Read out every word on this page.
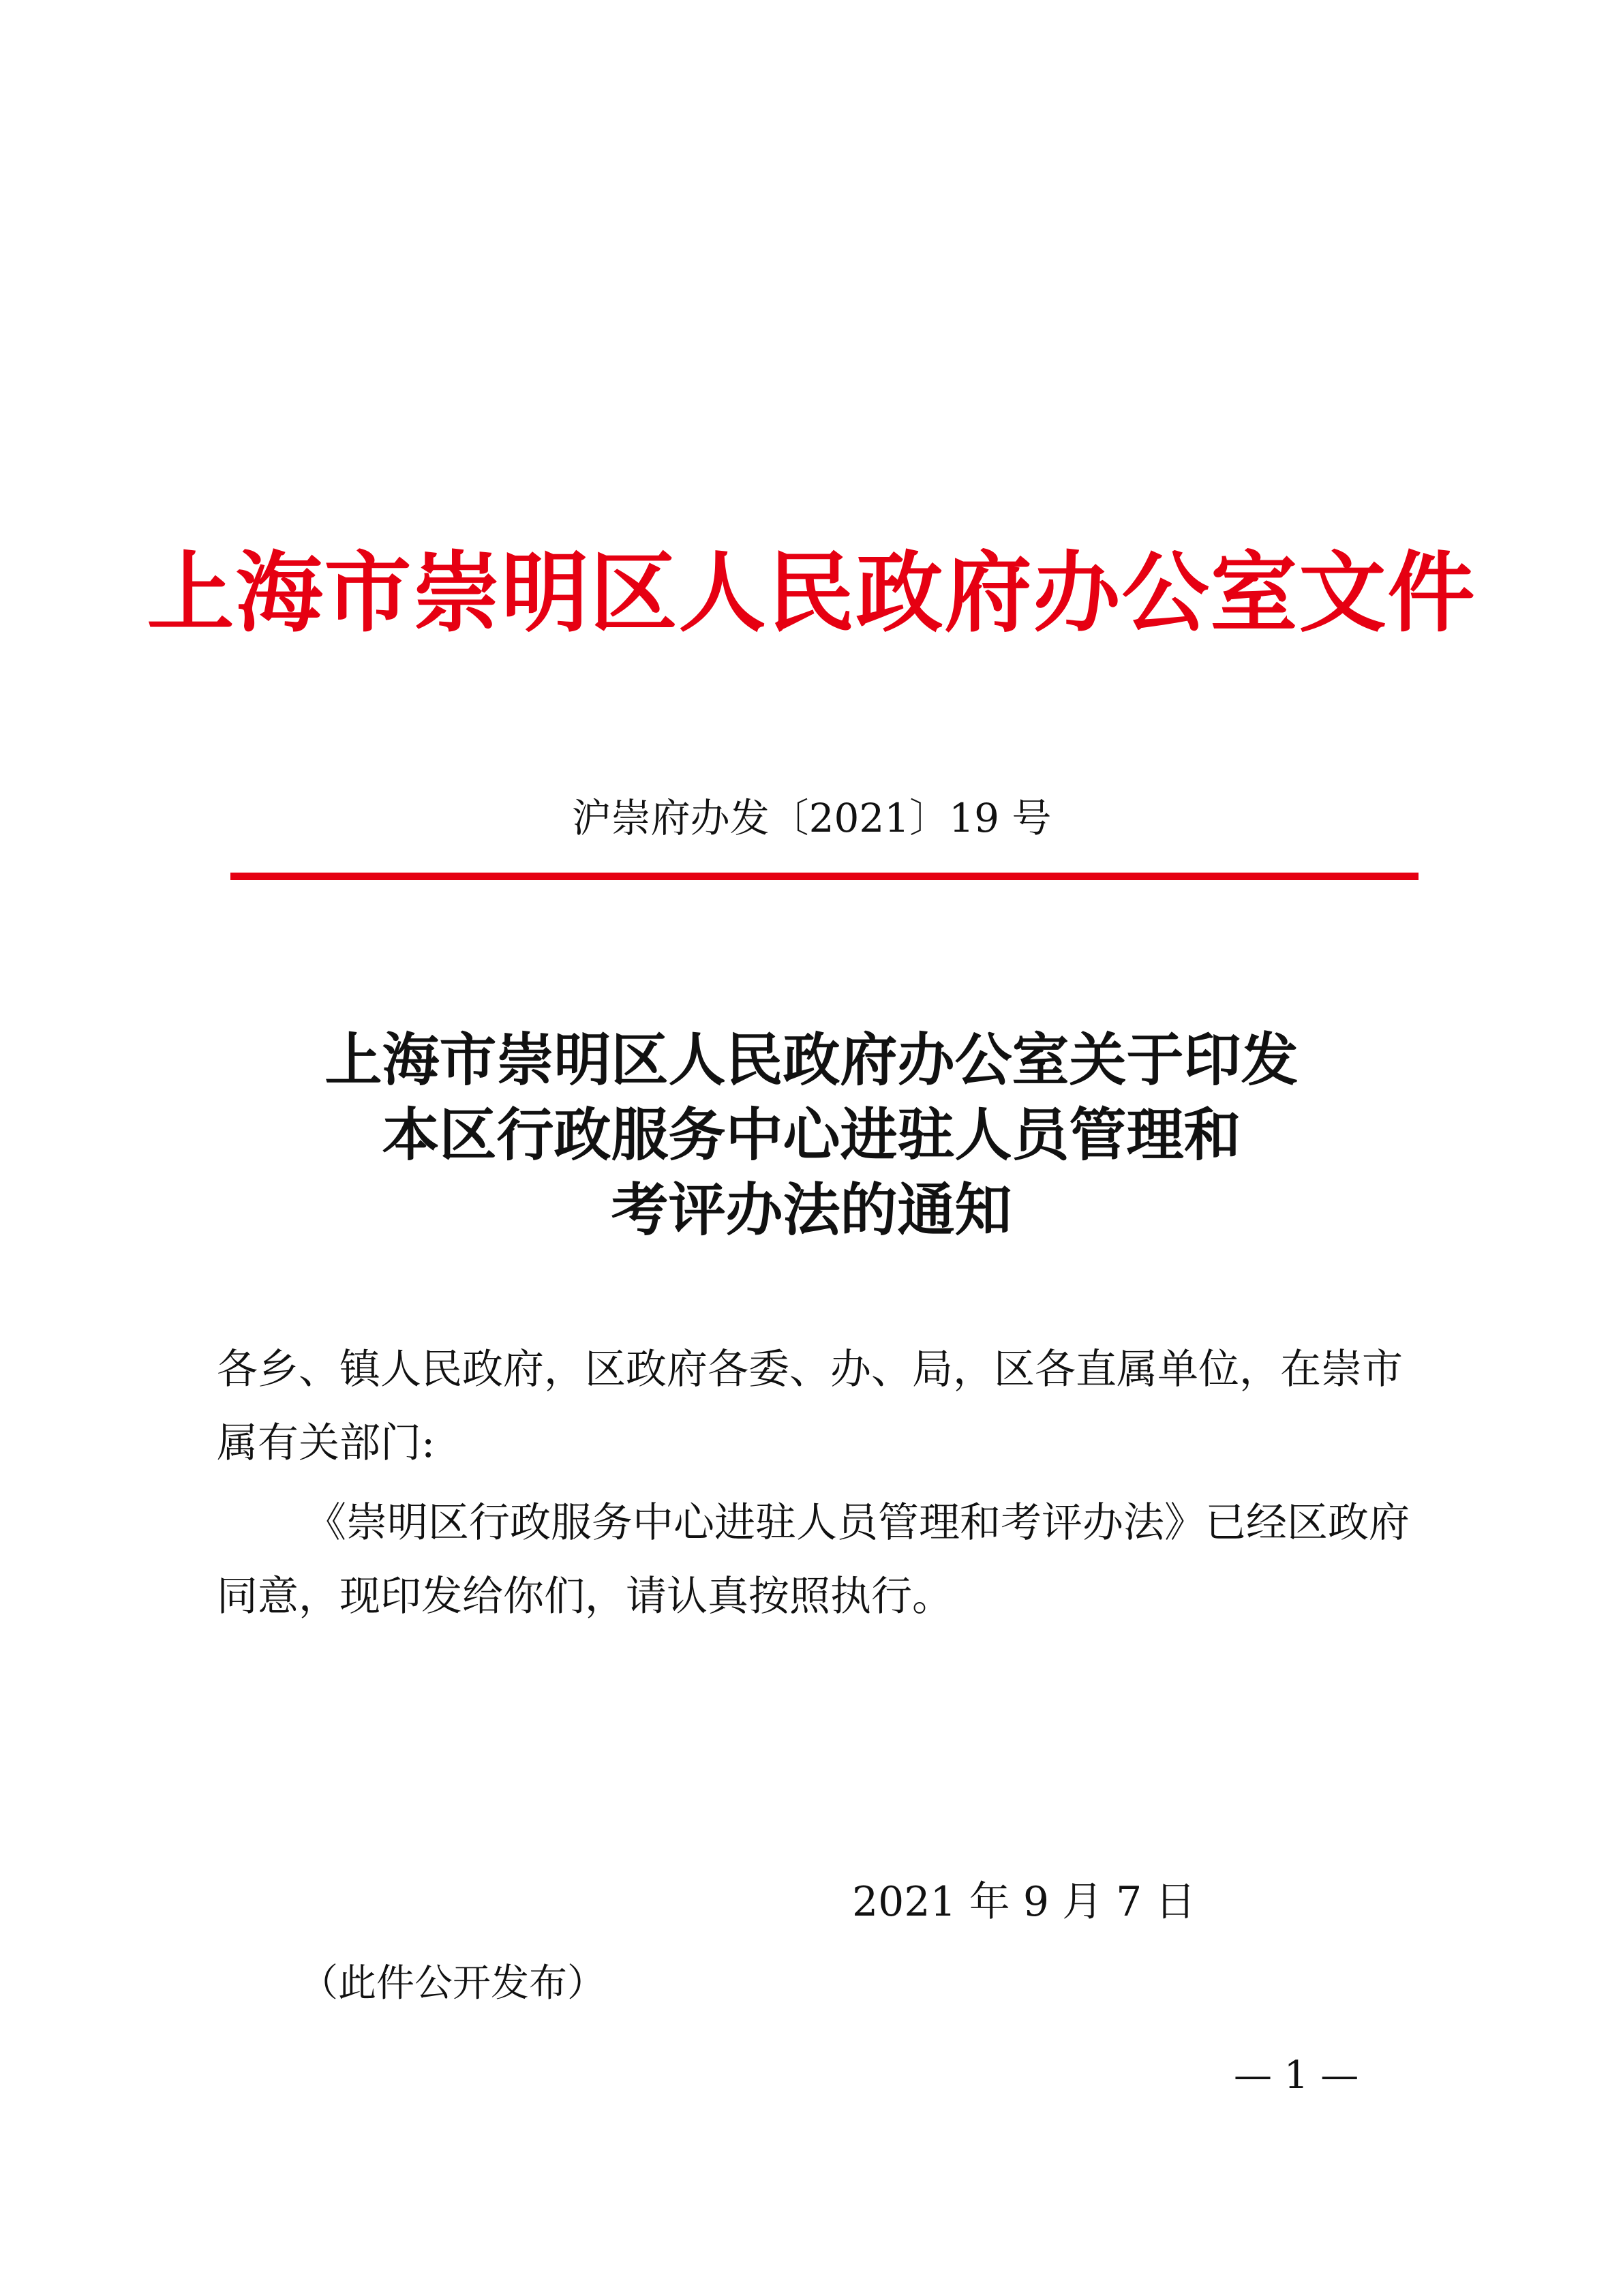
上海市崇明区人民政府办公室文件
沪崇府办发〔2021〕19 号
上海市崇明区人民政府办公室关于印发
本区行政服务中心进驻人员管理和
考评办法的通知
各乡、镇人民政府，区政府各委、办、局，区各直属单位，在崇市属有关部门:
《崇明区行政服务中心进驻人员管理和考评办法》已经区政府同意，现印发给你们，请认真按照执行。
2021 年 9 月 7 日
（此件公开发布）
— 1 —
